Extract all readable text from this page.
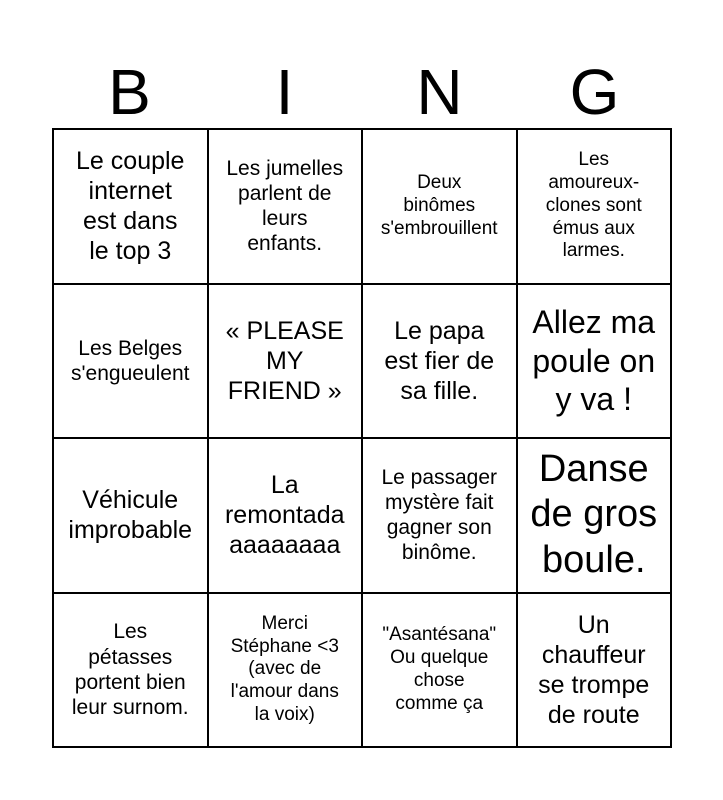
B	I	N	G
Le couple
internet
est dans
le top 3
Les jumelles
parlent de
leurs
enfants.
Deux
binômes
s'embrouillent
Les
amoureux-
clones sont
émus aux
larmes.
Les Belges
s'engueulent
« PLEASE
MY
FRIEND »
Le papa
est fier de
sa fille.
Allez ma
poule on
y va !
Véhicule
improbable
La
remontada
aaaaaaaa
Le passager
mystère fait
gagner son
binôme.
Danse
de gros
boule.
Les
pétasses
portent bien
leur surnom.
Merci
Stéphane <3
(avec de
l'amour dans
la voix)
"Asantésana"
Ou quelque
chose
comme ça
Un
chauffeur
se trompe
de route
